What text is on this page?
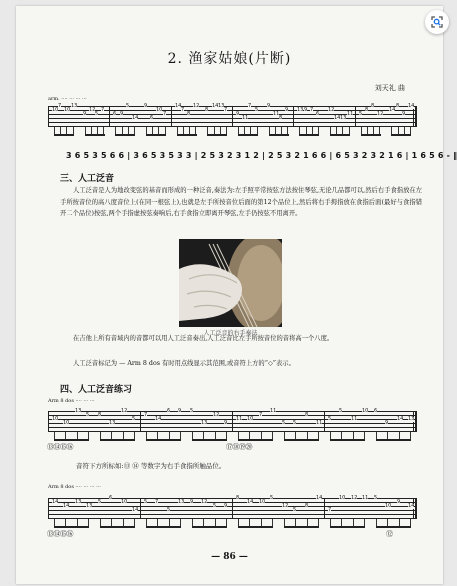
2. 渔家姑娘(片断)
刘天礼 曲
arm. ···· ··· ··· ···
10
7
10
13
9
12
5
7
6 9
5
14
9
6
10
7
14
7
8
12
8
14 13
7
9
11
7
5
9
11
8
9 13 9 7
6
12
14 13
11 5
8
8
12
14
8
9
14
3 6 5 3 5 6 6 | 3 6 5 3 5 3 3 | 2 5 3 2 3 1 2 | 2 5 3 2 1 6 6 | 6 5 3 2 3 2 1 6 | 1 6 5 6 - ‖
三、人工泛音
人工泛音是人为地改变弦的基音而形成的一种泛音,奏法为:左手照平常按弦方法按住琴弦,无论几品都可以,然后右手食指放在左手所按音位的高八度音位上(在同一根弦上),也就是左手所按音位后面的第12个品位上,然后将右手拇指放在食指后面(最好与食指错开二个品位)按弦,两个手指虚按弦奏响后,右手食指立即离开琴弦,左手仍按弦不用离开。
人工泛音的右手奏法
在吉他上所有音域内的音都可以用人工泛音奏出,人工泛音比左手所按音位的音将高一个八度。
人工泛音标记为 — Arm 8 dos 有时用点线显示其范围,或音符上方的“◇”表示。
四、人工泛音练习
Arm 8 dos ···· ··· ···
10
10
13
5 8
13
12
5
7
14
6 9 5
13
12
9
11 10
7
11
5 5
8
11
5
5
11
10 6
9
14 13
⑬⑭⑮⑯	⑰⑱⑲⑳
音符下方所标如:⑬ ⑭ 等数字为右手食指所触品位。
Arm 8 dos ···· ··· ··· ···
14
14
13
13
5
6
10
14
5 7
5
13 9 12
5 9
8
14 10
5
12
5
8
14
7
10 12 11 5
10
9
14
⑬⑭⑮⑯	⑫
— 86 —
